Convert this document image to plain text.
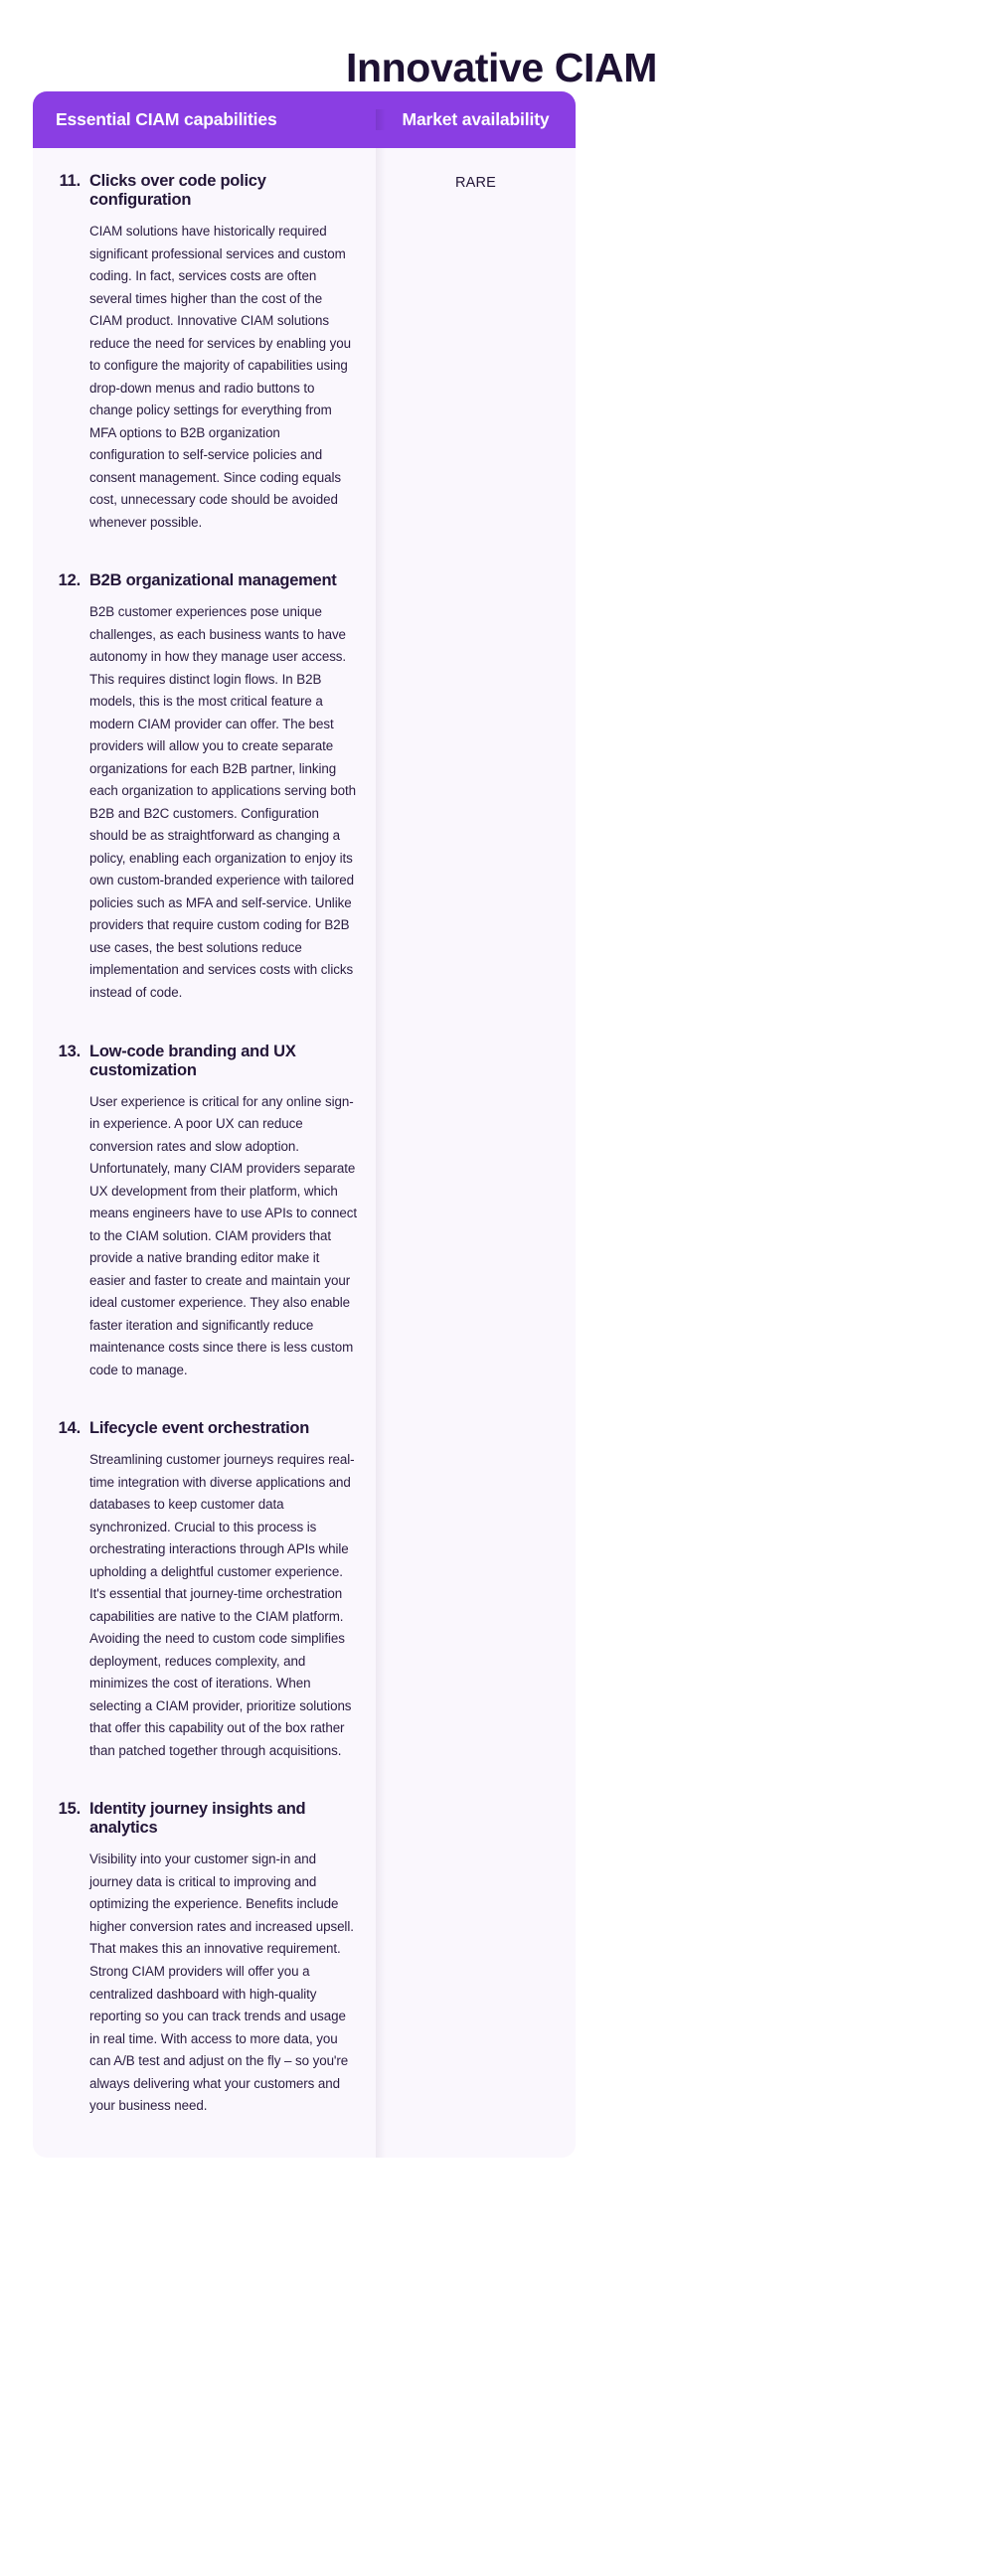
Innovative CIAM
Essential CIAM capabilities	Market availability
11. Clicks over code policy configuration

CIAM solutions have historically required significant professional services and custom coding. In fact, services costs are often several times higher than the cost of the CIAM product. Innovative CIAM solutions reduce the need for services by enabling you to configure the majority of capabilities using drop-down menus and radio buttons to change policy settings for everything from MFA options to B2B organization configuration to self-service policies and consent management. Since coding equals cost, unnecessary code should be avoided whenever possible.

12. B2B organizational management

B2B customer experiences pose unique challenges, as each business wants to have autonomy in how they manage user access. This requires distinct login flows. In B2B models, this is the most critical feature a modern CIAM provider can offer. The best providers will allow you to create separate organizations for each B2B partner, linking each organization to applications serving both B2B and B2C customers. Configuration should be as straightforward as changing a policy, enabling each organization to enjoy its own custom-branded experience with tailored policies such as MFA and self-service. Unlike providers that require custom coding for B2B use cases, the best solutions reduce implementation and services costs with clicks instead of code.

13. Low-code branding and UX customization

User experience is critical for any online sign-in experience. A poor UX can reduce conversion rates and slow adoption. Unfortunately, many CIAM providers separate UX development from their platform, which means engineers have to use APIs to connect to the CIAM solution. CIAM providers that provide a native branding editor make it easier and faster to create and maintain your ideal customer experience. They also enable faster iteration and significantly reduce maintenance costs since there is less custom code to manage.

14. Lifecycle event orchestration

Streamlining customer journeys requires real-time integration with diverse applications and databases to keep customer data synchronized. Crucial to this process is orchestrating interactions through APIs while upholding a delightful customer experience. It's essential that journey-time orchestration capabilities are native to the CIAM platform. Avoiding the need to custom code simplifies deployment, reduces complexity, and minimizes the cost of iterations. When selecting a CIAM provider, prioritize solutions that offer this capability out of the box rather than patched together through acquisitions.

15. Identity journey insights and analytics

Visibility into your customer sign-in and journey data is critical to improving and optimizing the experience. Benefits include higher conversion rates and increased upsell. That makes this an innovative requirement. Strong CIAM providers will offer you a centralized dashboard with high-quality reporting so you can track trends and usage in real time. With access to more data, you can A/B test and adjust on the fly – so you're always delivering what your customers and your business need.

RARE
